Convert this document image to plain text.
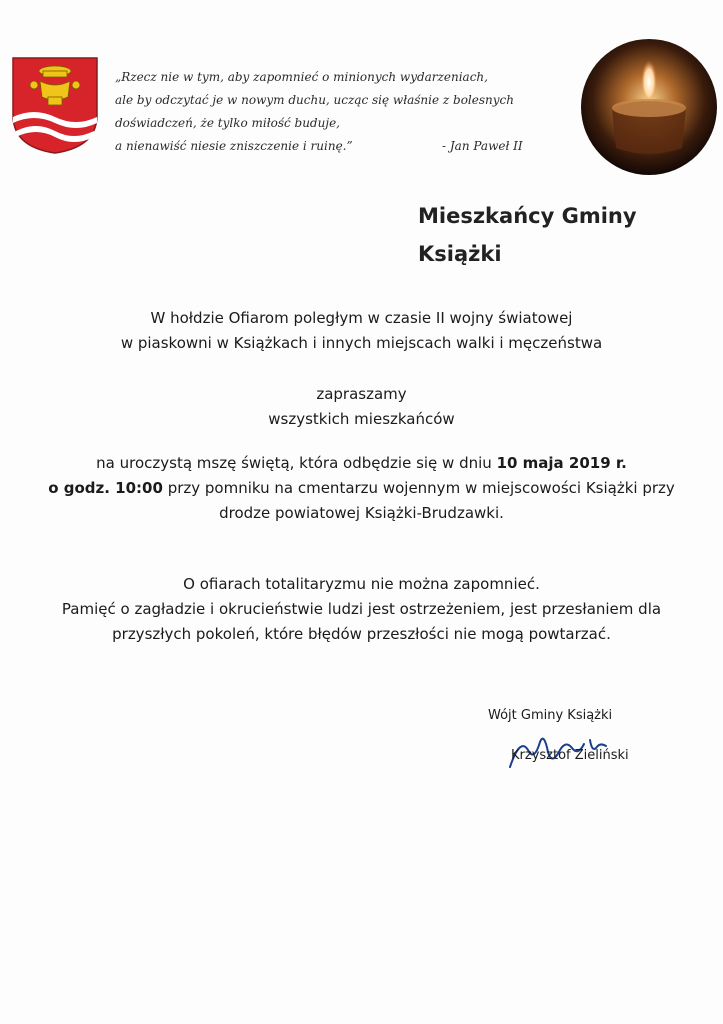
„Rzecz nie w tym, aby zapomnieć o minionych wydarzeniach,
ale by odczytać je w nowym duchu, ucząc się właśnie z bolesnych
doświadczeń, że tylko miłość buduje,
a nienawiść niesie zniszczenie i ruinę.”	- Jan Paweł II
Mieszkańcy Gminy
Książki
W hołdzie Ofiarom poległym w czasie II wojny światowej
w piaskowni w Książkach i innych miejscach walki i męczeństwa
zapraszamy
wszystkich mieszkańców
na uroczystą mszę świętą, która odbędzie się w dniu 10 maja 2019 r.
o godz. 10:00 przy pomniku na cmentarzu wojennym w miejscowości Książki przy
drodze powiatowej Książki-Brudzawki.
O ofiarach totalitaryzmu nie można zapomnieć.
Pamięć o zagładzie i okrucieństwie ludzi jest ostrzeżeniem, jest przesłaniem dla
przyszłych pokoleń, które błędów przeszłości nie mogą powtarzać.
Wójt Gminy Książki
Krzysztof Zieliński
